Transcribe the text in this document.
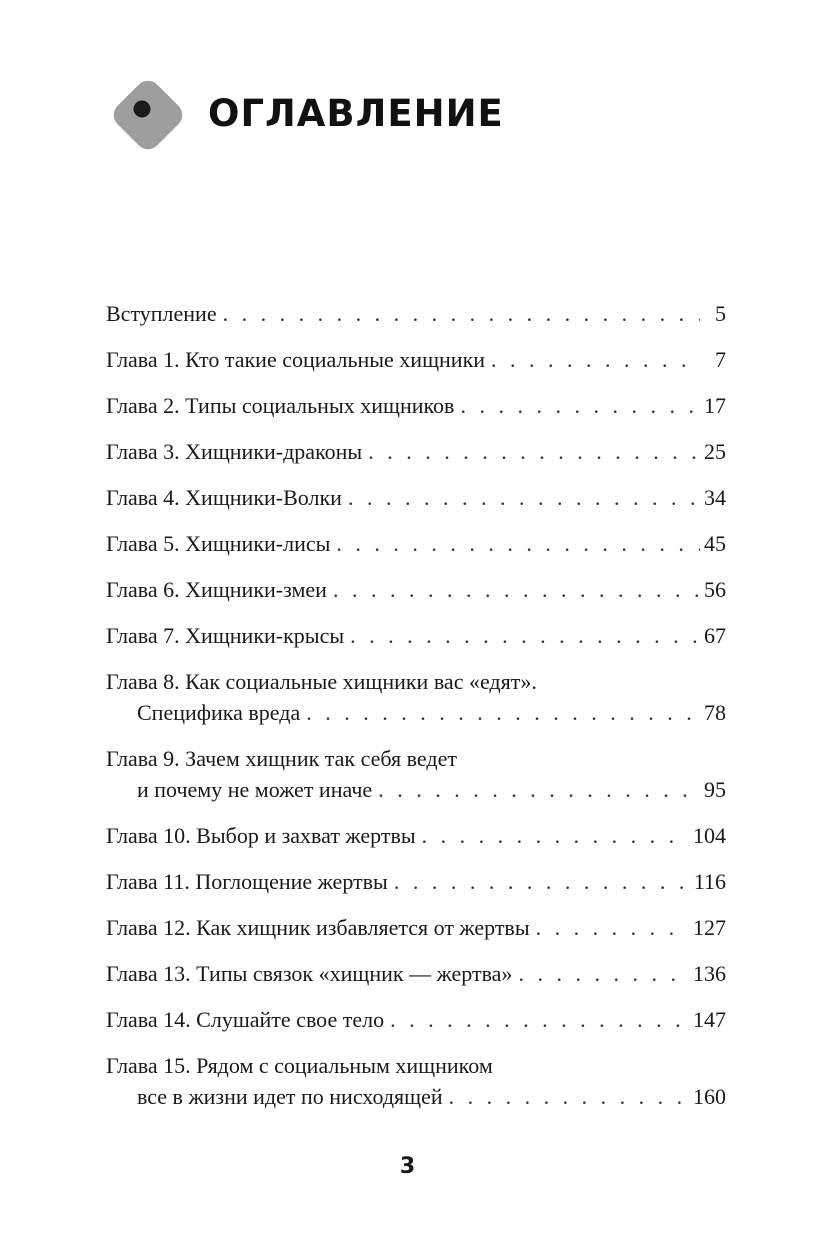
ОГЛАВЛЕНИЕ
Вступление . . .	5
Глава 1. Кто такие социальные хищники . . .	7
Глава 2. Типы социальных хищников . . .	17
Глава 3. Хищники-драконы . . .	25
Глава 4. Хищники-Волки . . .	34
Глава 5. Хищники-лисы . . .	45
Глава 6. Хищники-змеи . . .	56
Глава 7. Хищники-крысы . . .	67
Глава 8. Как социальные хищники вас «едят».
Специфика вреда . . .	78
Глава 9. Зачем хищник так себя ведет
и почему не может иначе . . .	95
Глава 10. Выбор и захват жертвы . . .	104
Глава 11. Поглощение жертвы . . .	116
Глава 12. Как хищник избавляется от жертвы . . .	127
Глава 13. Типы связок «хищник — жертва» . . .	136
Глава 14. Слушайте свое тело . . .	147
Глава 15. Рядом с социальным хищником
все в жизни идет по нисходящей . . .	160
3
